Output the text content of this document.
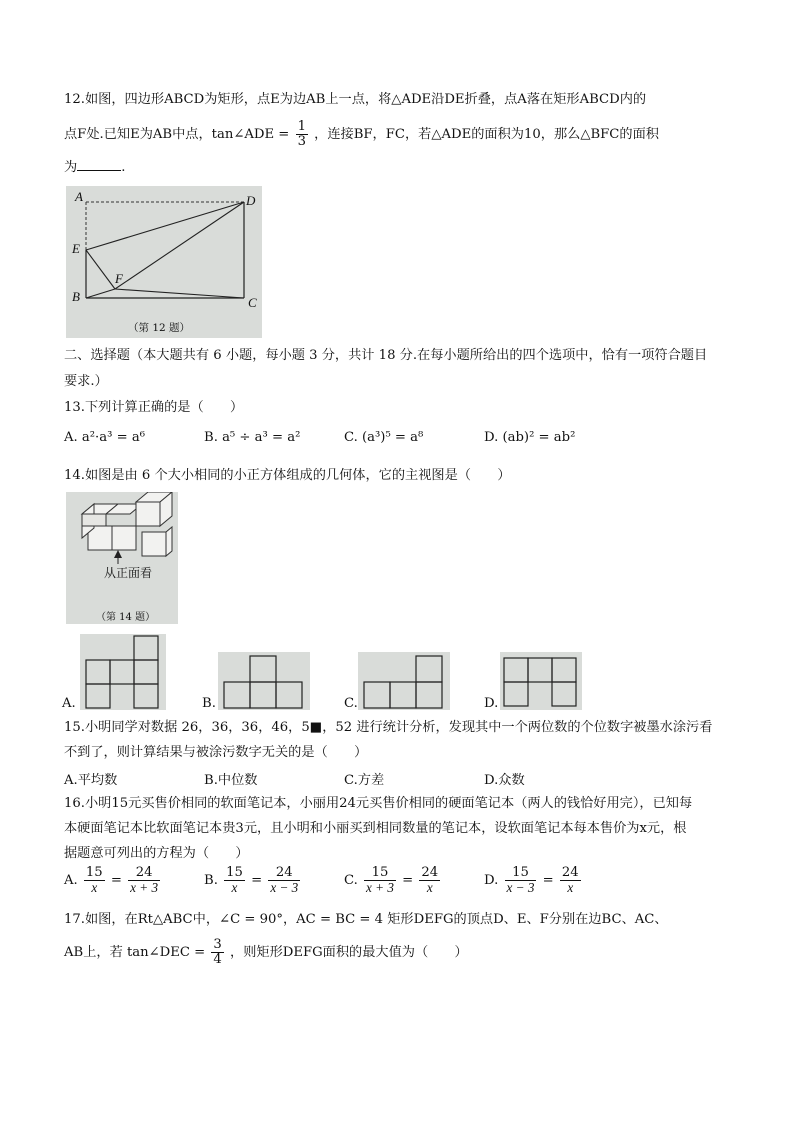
12.如图，四边形ABCD为矩形，点E为边AB上一点，将△ADE沿DE折叠，点A落在矩形ABCD内的
点F处.已知E为AB中点，tan∠ADE = $\frac{1}{3}$ ，连接BF，FC，若△ADE的面积为10，那么△BFC的面积
为	.
A	D
E
F
B	C
（第 12 题）
二、选择题（本大题共有 6 小题，每小题 3 分，共计 18 分.在每小题所给出的四个选项中，恰有一项符合题目
要求.）
13.下列计算正确的是（　　）
A. a²·a³ = a⁶	B. a⁵ ÷ a³ = a²	C. (a³)⁵ = a⁸	D. (ab)² = ab²
14.如图是由 6 个大小相同的小正方体组成的几何体，它的主视图是（　　）
从正面看
（第 14 题）
A.	B.	C.	D.
15.小明同学对数据 26，36，36，46，5■，52 进行统计分析，发现其中一个两位数的个位数字被墨水涂污看
不到了，则计算结果与被涂污数字无关的是（　　）
A.平均数	B.中位数	C.方差	D.众数
16.小明15元买售价相同的软面笔记本，小丽用24元买售价相同的硬面笔记本（两人的钱恰好用完），已知每
本硬面笔记本比软面笔记本贵3元，且小明和小丽买到相同数量的笔记本，设软面笔记本每本售价为x元，根
据题意可列出的方程为（　　）
A. $\frac{15}{x} = \frac{24}{x + 3}$	B. $\frac{15}{x} = \frac{24}{x - 3}$	C. $\frac{15}{x + 3} = \frac{24}{x}$	D. $\frac{15}{x - 3} = \frac{24}{x}$
17.如图，在Rt△ABC中，∠C = 90°，AC = BC = 4 矩形DEFG的顶点D、E、F分别在边BC、AC、
AB上，若 tan∠DEC = $\frac{3}{4}$ ，则矩形DEFG面积的最大值为（　　）
